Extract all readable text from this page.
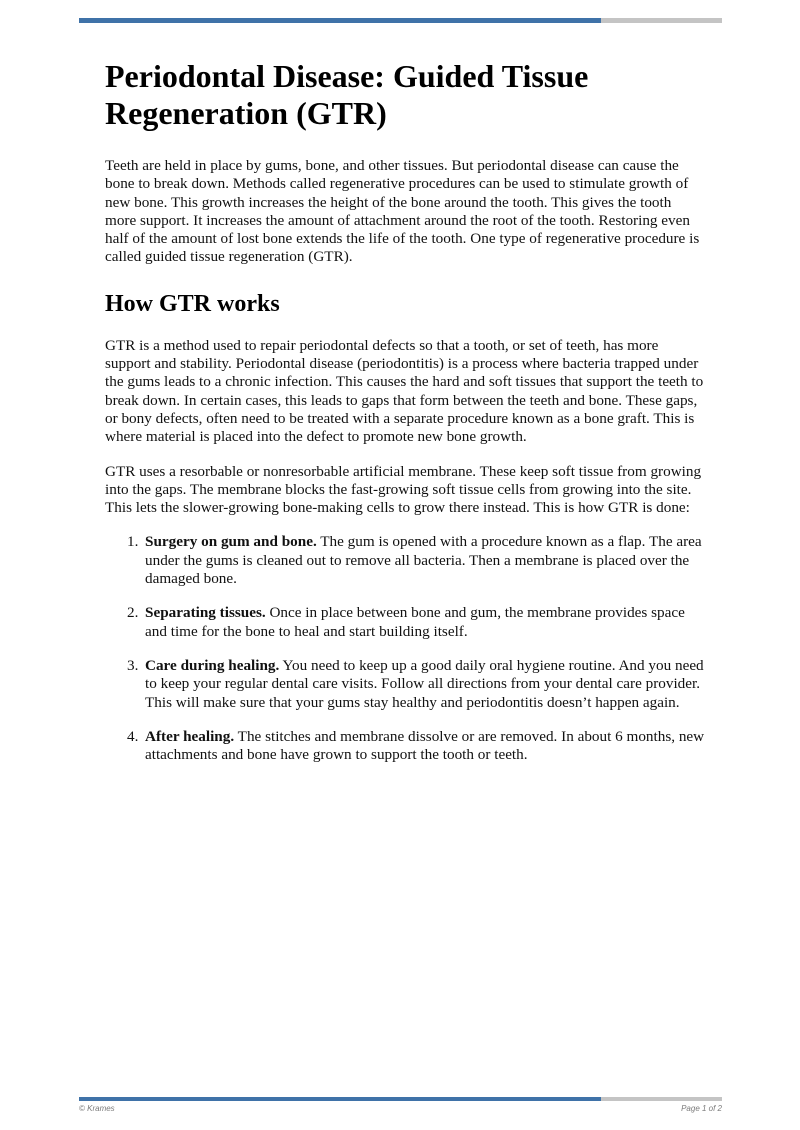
Periodontal Disease: Guided Tissue Regeneration (GTR)

Teeth are held in place by gums, bone, and other tissues. But periodontal disease can cause the bone to break down. Methods called regenerative procedures can be used to stimulate growth of new bone. This growth increases the height of the bone around the tooth. This gives the tooth more support. It increases the amount of attachment around the root of the tooth. Restoring even half of the amount of lost bone extends the life of the tooth. One type of regenerative procedure is called guided tissue regeneration (GTR).

How GTR works

GTR is a method used to repair periodontal defects so that a tooth, or set of teeth, has more support and stability. Periodontal disease (periodontitis) is a process where bacteria trapped under the gums leads to a chronic infection. This causes the hard and soft tissues that support the teeth to break down. In certain cases, this leads to gaps that form between the teeth and bone. These gaps, or bony defects, often need to be treated with a separate procedure known as a bone graft. This is where material is placed into the defect to promote new bone growth.

GTR uses a resorbable or nonresorbable artificial membrane. These keep soft tissue from growing into the gaps. The membrane blocks the fast-growing soft tissue cells from growing into the site. This lets the slower-growing bone-making cells to grow there instead. This is how GTR is done:

1. Surgery on gum and bone. The gum is opened with a procedure known as a flap. The area under the gums is cleaned out to remove all bacteria. Then a membrane is placed over the damaged bone.
2. Separating tissues. Once in place between bone and gum, the membrane provides space and time for the bone to heal and start building itself.
3. Care during healing. You need to keep up a good daily oral hygiene routine. And you need to keep your regular dental care visits. Follow all directions from your dental care provider. This will make sure that your gums stay healthy and periodontitis doesn’t happen again.
4. After healing. The stitches and membrane dissolve or are removed. In about 6 months, new attachments and bone have grown to support the tooth or teeth.
© Krames	Page 1 of 2
